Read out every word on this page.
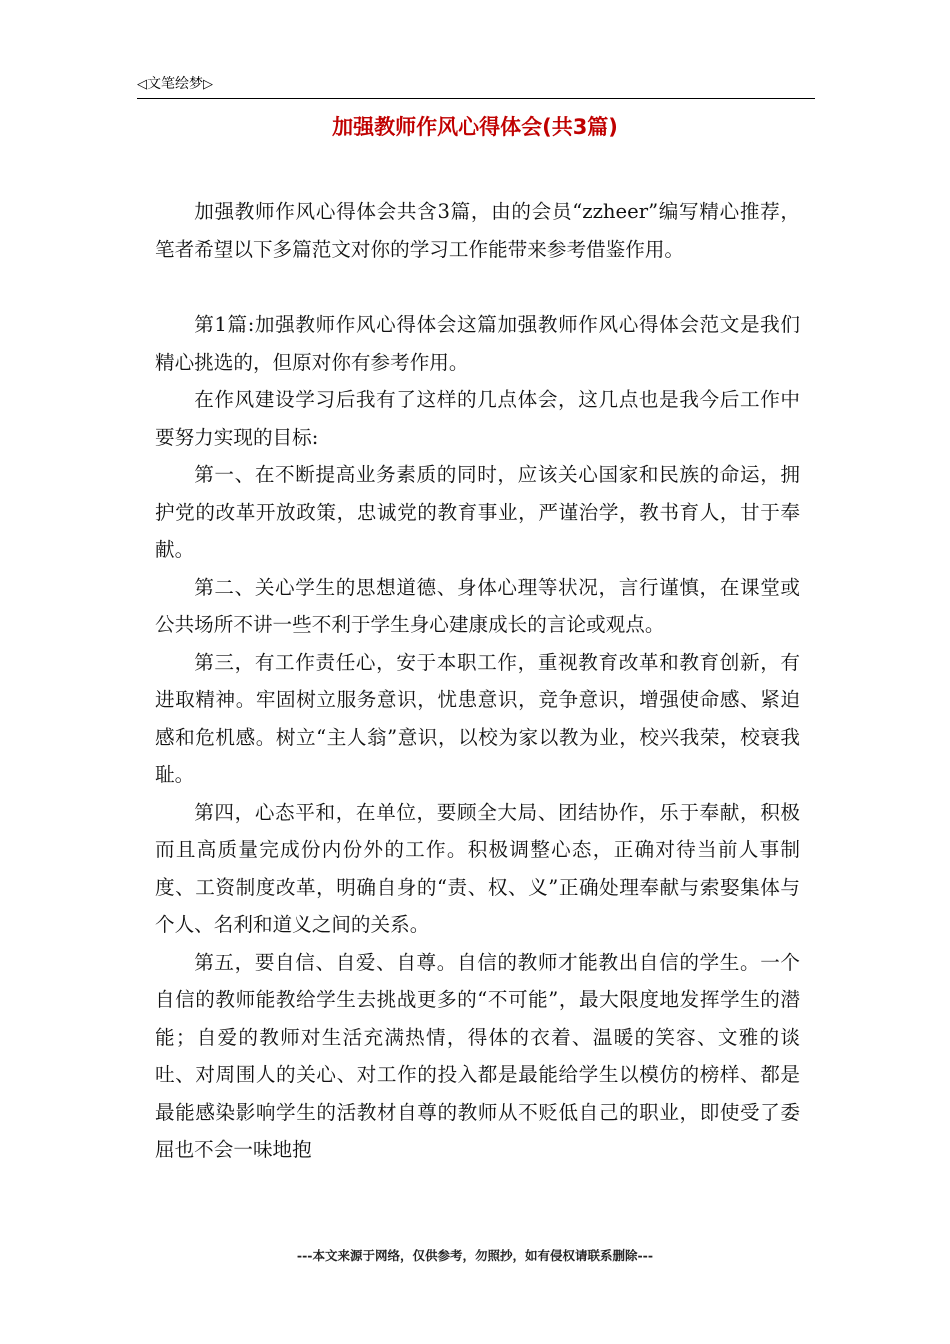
◁文笔绘梦▷
加强教师作风心得体会(共3篇)

加强教师作风心得体会共含3篇，由的会员“zzheer”编写精心推荐，笔者希望以下多篇范文对你的学习工作能带来参考借鉴作用。

第1篇:加强教师作风心得体会这篇加强教师作风心得体会范文是我们精心挑选的，但原对你有参考作用。

在作风建设学习后我有了这样的几点体会，这几点也是我今后工作中要努力实现的目标:

第一、在不断提高业务素质的同时，应该关心国家和民族的命运，拥护党的改革开放政策，忠诚党的教育事业，严谨治学，教书育人，甘于奉献。

第二、关心学生的思想道德、身体心理等状况，言行谨慎，在课堂或公共场所不讲一些不利于学生身心建康成长的言论或观点。

第三，有工作责任心，安于本职工作，重视教育改革和教育创新，有进取精神。牢固树立服务意识，忧患意识，竞争意识，增强使命感、紧迫感和危机感。树立“主人翁”意识，以校为家以教为业，校兴我荣，校衰我耻。

第四，心态平和，在单位，要顾全大局、团结协作，乐于奉献，积极而且高质量完成份内份外的工作。积极调整心态，正确对待当前人事制度、工资制度改革，明确自身的“责、权、义”正确处理奉献与索娶集体与个人、名利和道义之间的关系。

第五，要自信、自爱、自尊。自信的教师才能教出自信的学生。一个自信的教师能教给学生去挑战更多的“不可能”，最大限度地发挥学生的潜能；自爱的教师对生活充满热情，得体的衣着、温暖的笑容、文雅的谈吐、对周围人的关心、对工作的投入都是最能给学生以模仿的榜样、都是最能感染影响学生的活教材自尊的教师从不贬低自己的职业，即使受了委屈也不会一味地抱

---本文来源于网络，仅供参考，勿照抄，如有侵权请联系删除---
